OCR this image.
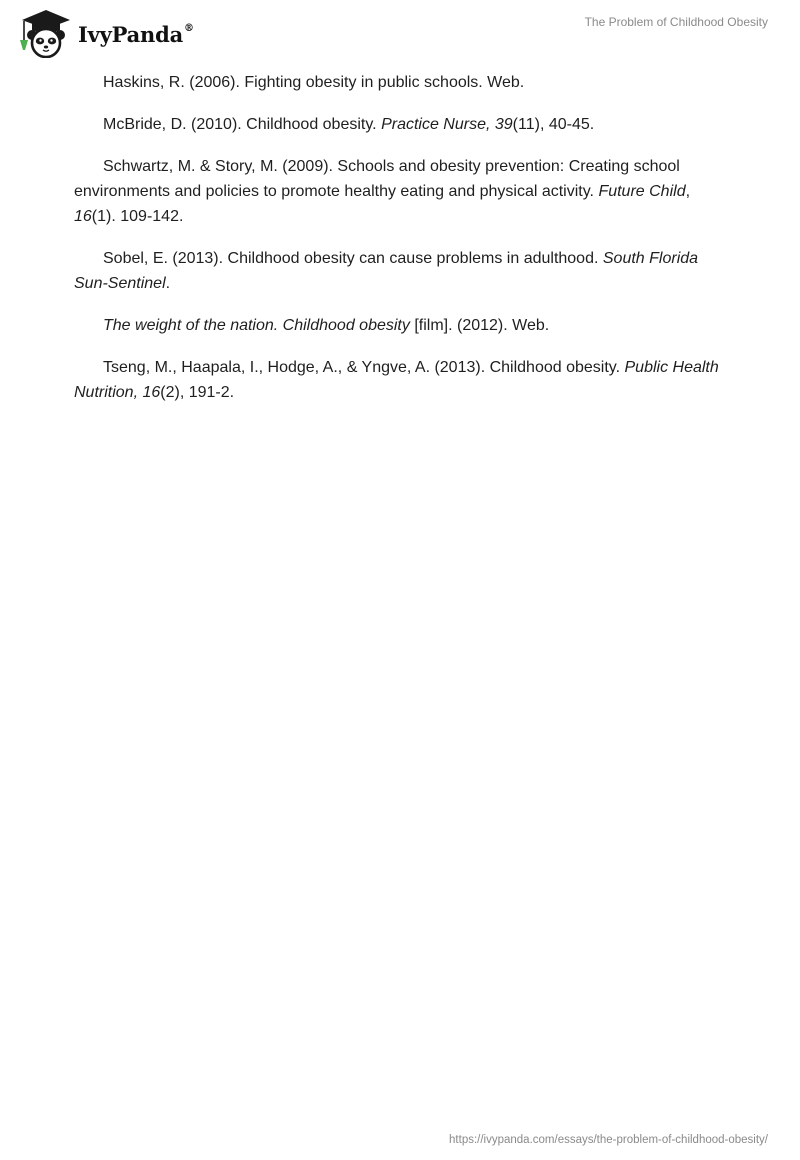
IvyPanda®	The Problem of Childhood Obesity

Haskins, R. (2006). Fighting obesity in public schools. Web.

McBride, D. (2010). Childhood obesity. Practice Nurse, 39(11), 40-45.

Schwartz, M. & Story, M. (2009). Schools and obesity prevention: Creating school environments and policies to promote healthy eating and physical activity. Future Child, 16(1). 109-142.

Sobel, E. (2013). Childhood obesity can cause problems in adulthood. South Florida Sun-Sentinel.

The weight of the nation. Childhood obesity [film]. (2012). Web.

Tseng, M., Haapala, I., Hodge, A., & Yngve, A. (2013). Childhood obesity. Public Health Nutrition, 16(2), 191-2.

https://ivypanda.com/essays/the-problem-of-childhood-obesity/
